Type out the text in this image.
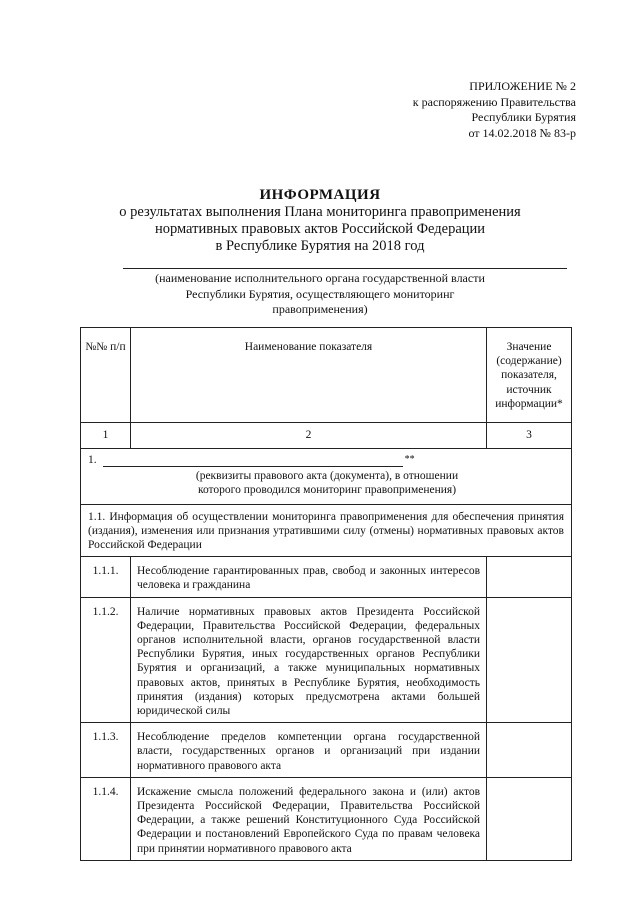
ПРИЛОЖЕНИЕ № 2
к распоряжению Правительства
Республики Бурятия
от 14.02.2018 № 83-р
ИНФОРМАЦИЯ
о результатах выполнения Плана мониторинга правоприменения
нормативных правовых актов Российской Федерации
в Республике Бурятия на 2018 год
(наименование исполнительного органа государственной власти
Республики Бурятия, осуществляющего мониторинг
правоприменения)
№№ п/п	Наименование показателя	Значение (содержание) показателя, источник информации*
1	2	3

1. **
(реквизиты правового акта (документа), в отношении
которого проводился мониторинг правоприменения)		

1.1. Информация об осуществлении мониторинга правоприменения для обеспечения принятия (издания), изменения или признания утратившими силу (отмены) нормативных правовых актов Российской Федерации		
1.1.1.	Несоблюдение гарантированных прав, свобод и законных интересов человека и гражданина	
1.1.2.	Наличие нормативных правовых актов Президента Российской Федерации, Правительства Российской Федерации, федеральных органов исполнительной власти, органов государственной власти Республики Бурятия, иных государственных органов Республики Бурятия и организаций, а также муниципальных нормативных правовых актов, принятых в Республике Бурятия, необходимость принятия (издания) которых предусмотрена актами большей юридической силы	
1.1.3.	Несоблюдение пределов компетенции органа государственной власти, государственных органов и организаций при издании нормативного правового акта	
1.1.4.	Искажение смысла положений федерального закона и (или) актов Президента Российской Федерации, Правительства Российской Федерации, а также решений Конституционного Суда Российской Федерации и постановлений Европейского Суда по правам человека при принятии нормативного правового акта	
